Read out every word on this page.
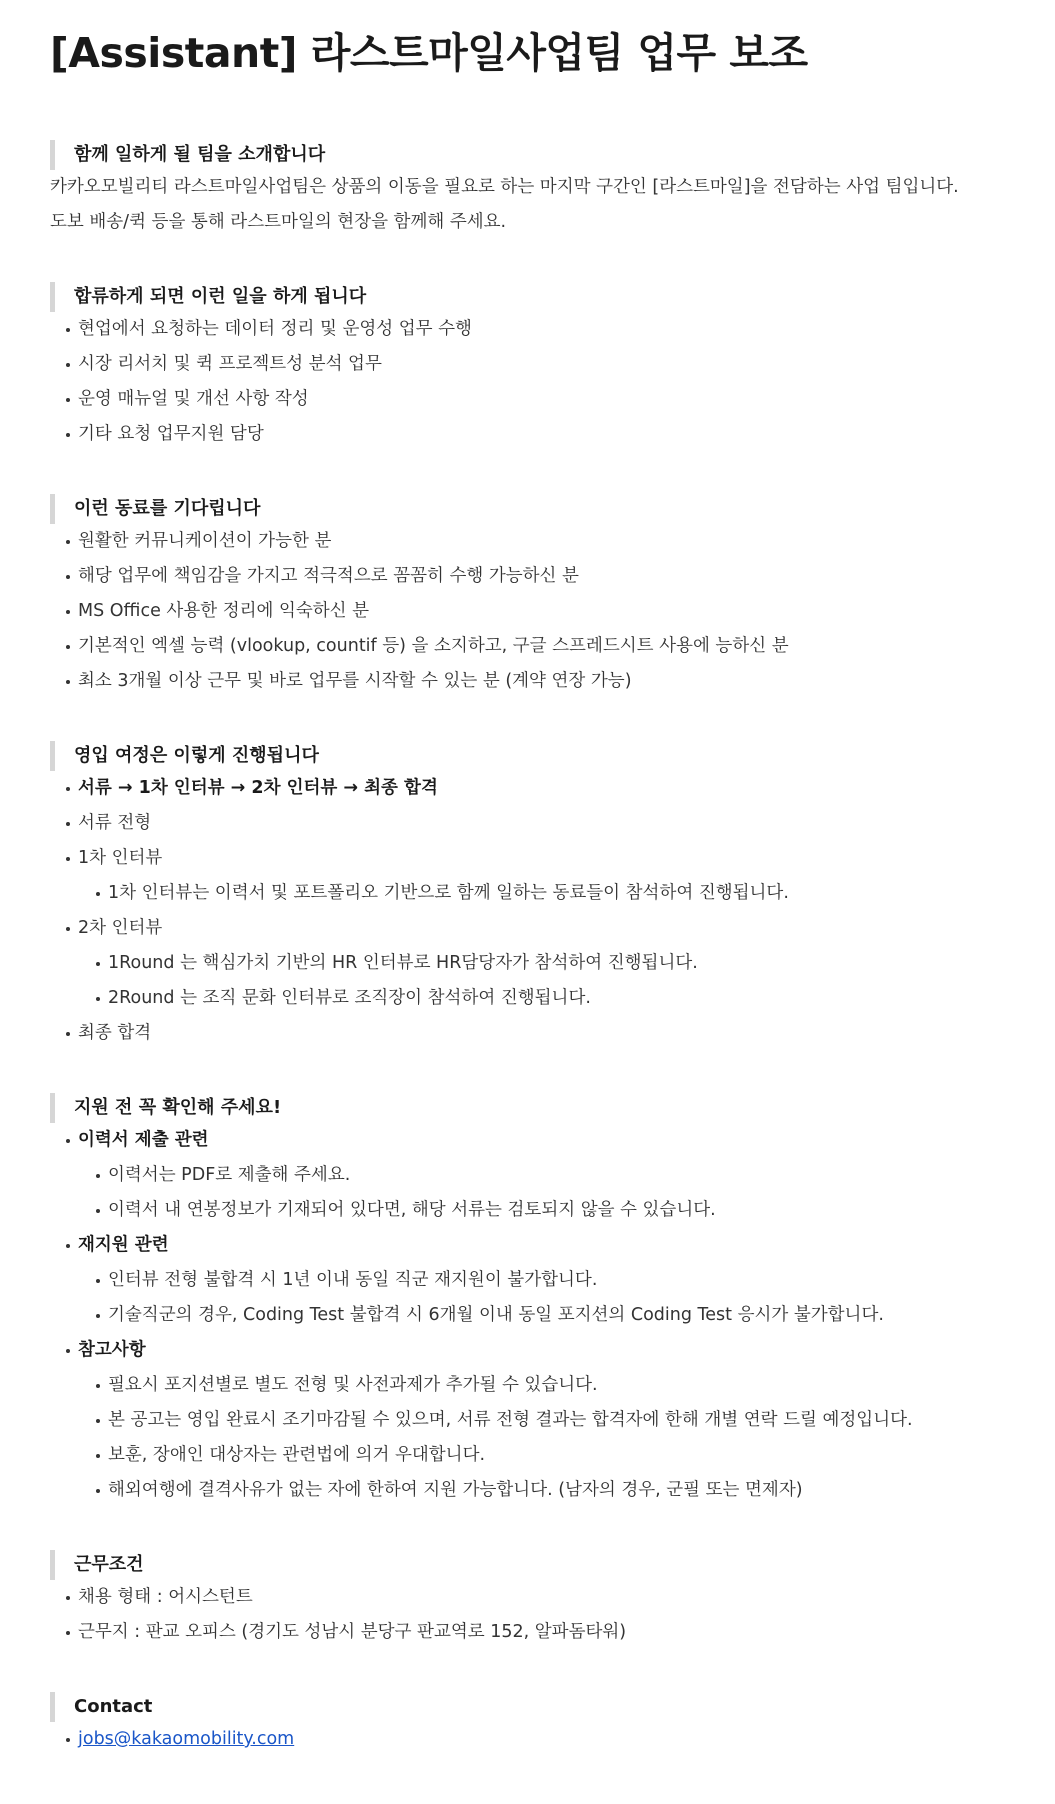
[Assistant] 라스트마일사업팀 업무 보조
함께 일하게 될 팀을 소개합니다
카카오모빌리티 라스트마일사업팀은 상품의 이동을 필요로 하는 마지막 구간인 [라스트마일]을 전담하는 사업 팀입니다.
도보 배송/퀵 등을 통해 라스트마일의 현장을 함께해 주세요.
합류하게 되면 이런 일을 하게 됩니다
현업에서 요청하는 데이터 정리 및 운영성 업무 수행
시장 리서치 및 퀵 프로젝트성 분석 업무
운영 매뉴얼 및 개선 사항 작성
기타 요청 업무지원 담당
이런 동료를 기다립니다
원활한 커뮤니케이션이 가능한 분
해당 업무에 책임감을 가지고 적극적으로 꼼꼼히 수행 가능하신 분
MS Office 사용한 정리에 익숙하신 분
기본적인 엑셀 능력 (vlookup, countif 등) 을 소지하고, 구글 스프레드시트 사용에 능하신 분
최소 3개월 이상 근무 및 바로 업무를 시작할 수 있는 분 (계약 연장 가능)
영입 여정은 이렇게 진행됩니다
서류 → 1차 인터뷰 → 2차 인터뷰 → 최종 합격
서류 전형
1차 인터뷰
1차 인터뷰는 이력서 및 포트폴리오 기반으로 함께 일하는 동료들이 참석하여 진행됩니다.
2차 인터뷰
1Round 는 핵심가치 기반의 HR 인터뷰로 HR담당자가 참석하여 진행됩니다.
2Round 는 조직 문화 인터뷰로 조직장이 참석하여 진행됩니다.
최종 합격
지원 전 꼭 확인해 주세요!
이력서 제출 관련
이력서는 PDF로 제출해 주세요.
이력서 내 연봉정보가 기재되어 있다면, 해당 서류는 검토되지 않을 수 있습니다.
재지원 관련
인터뷰 전형 불합격 시 1년 이내 동일 직군 재지원이 불가합니다.
기술직군의 경우, Coding Test 불합격 시 6개월 이내 동일 포지션의 Coding Test 응시가 불가합니다.
참고사항
필요시 포지션별로 별도 전형 및 사전과제가 추가될 수 있습니다.
본 공고는 영입 완료시 조기마감될 수 있으며, 서류 전형 결과는 합격자에 한해 개별 연락 드릴 예정입니다.
보훈, 장애인 대상자는 관련법에 의거 우대합니다.
해외여행에 결격사유가 없는 자에 한하여 지원 가능합니다. (남자의 경우, 군필 또는 면제자)
근무조건
채용 형태 : 어시스턴트
근무지 : 판교 오피스 (경기도 성남시 분당구 판교역로 152, 알파돔타워)
Contact
jobs@kakaomobility.com
